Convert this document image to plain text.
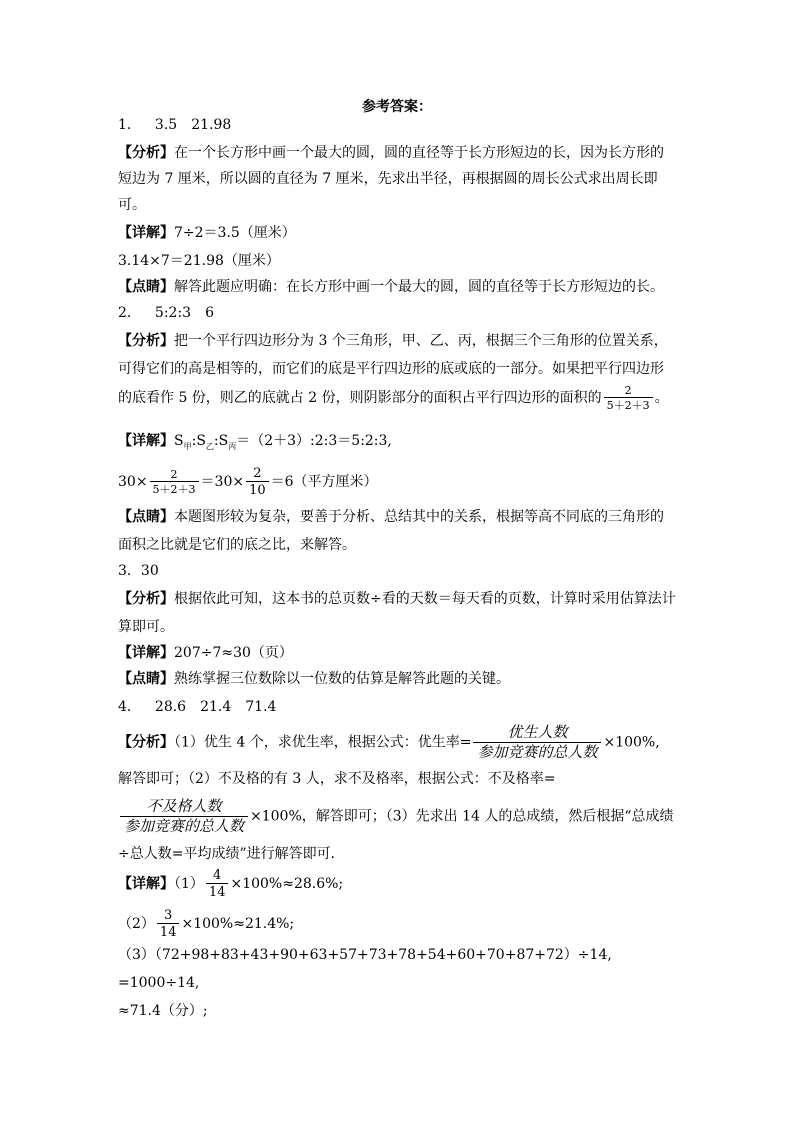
参考答案：
1． 3.5 21.98
【分析】在一个长方形中画一个最大的圆，圆的直径等于长方形短边的长，因为长方形的
短边为 7 厘米，所以圆的直径为 7 厘米，先求出半径，再根据圆的周长公式求出周长即
可。
【详解】7÷2＝3.5（厘米）
3.14×7＝21.98（厘米）
【点睛】解答此题应明确：在长方形中画一个最大的圆，圆的直径等于长方形短边的长。
2． 5:2:3 6
【分析】把一个平行四边形分为 3 个三角形，甲、乙、丙，根据三个三角形的位置关系，
可得它们的高是相等的，而它们的底是平行四边形的底或底的一部分。如果把平行四边形
的底看作 5 份，则乙的底就占 2 份，则阴影部分的面积占平行四边形的面积的 $\frac{2}{5+2+3}$ 。
【详解】$S_甲:S_乙:S_丙=(2+3):2:3=5:2:3$,
$30\times \frac{2}{5+2+3} =30\times \frac{2}{10} =6$（平方厘米）
【点睛】本题图形较为复杂，要善于分析、总结其中的关系，根据等高不同底的三角形的
面积之比就是它们的底之比，来解答。
3．30
【分析】根据依此可知，这本书的总页数÷看的天数＝每天看的页数，计算时采用估算法计
算即可。
【详解】207÷7≈30（页）
【点睛】熟练掌握三位数除以一位数的估算是解答此题的关键。
4． 28.6 21.4 71.4
【分析】（1）优生 4 个，求优生率，根据公式：优生率= $\frac{\text{优生人数}}{\text{参加竞赛的总人数}} \times 100\%$,
解答即可；（2）不及格的有 3 人，求不及格率，根据公式：不及格率=
$\frac{\text{不及格人数}}{\text{参加竞赛的总人数}} \times 100\%$，解答即可；（3）先求出 14 人的总成绩，然后根据“总成绩
÷总人数=平均成绩”进行解答即可．
【详解】$(1) \frac{4}{14} \times 100\%\approx 28.6\%$;
$(2) \frac{3}{14} \times 100\%\approx 21.4\%$;
（3）（72+98+83+43+90+63+57+73+78+54+60+70+87+72）÷14,
=1000÷14,
≈71.4（分）;
